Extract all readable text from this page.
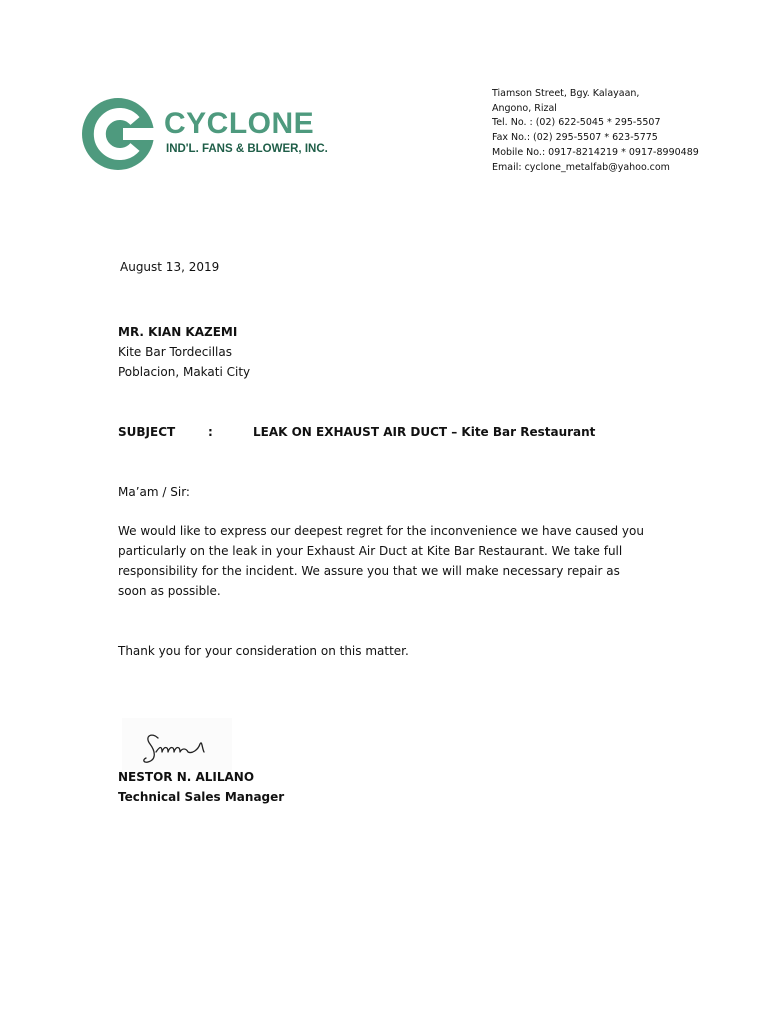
CYCLONE
IND'L. FANS & BLOWER, INC.
Tiamson Street, Bgy. Kalayaan,
Angono, Rizal
Tel. No. : (02) 622-5045 * 295-5507
Fax No.: (02) 295-5507 * 623-5775
Mobile No.: 0917-8214219 * 0917-8990489
Email: cyclone_metalfab@yahoo.com
August 13, 2019
MR. KIAN KAZEMI
Kite Bar Tordecillas
Poblacion, Makati City
SUBJECT	:	LEAK ON EXHAUST AIR DUCT – Kite Bar Restaurant
Ma’am / Sir:
We would like to express our deepest regret for the inconvenience we have caused you particularly on the leak in your Exhaust Air Duct at Kite Bar Restaurant. We take full responsibility for the incident. We assure you that we will make necessary repair as soon as possible.
Thank you for your consideration on this matter.
NESTOR N. ALILANO
Technical Sales Manager
